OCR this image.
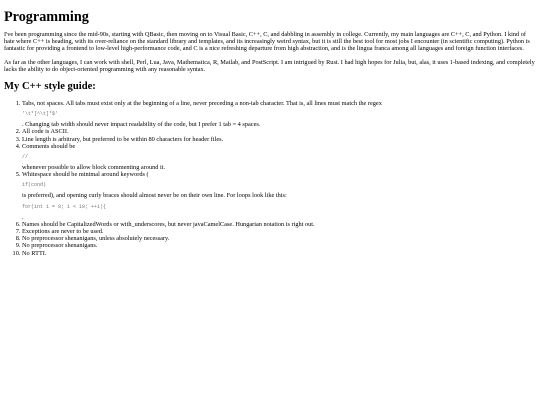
Programming

I've been programming since the mid-90s, starting with QBasic, then moving on to Visual Basic, C++, C, and dabbling in assembly in college. Currently, my main languages are C++, C, and Python. I kind of hate where C++ is heading, with its over-reliance on the standard library and templates, and its increasingly weird syntax, but it is still the best tool for most jobs I encounter (in scientific computing). Python is fantastic for providing a frontend to low-level high-performance code, and C is a nice refreshing departure from high abstraction, and is the lingua franca among all languages and foreign function interfaces.

As far as the other languages, I can work with shell, Perl, Lua, Java, Mathematica, R, Matlab, and PostScript. I am intrigued by Rust. I had high hopes for Julia, but, alas, it uses 1-based indexing, and completely lacks the ability to do object-oriented programming with any reasonable syntax.

My C++ style guide:
1. Tabs, not spaces. All tabs must exist only at the beginning of a line, never preceding a non-tab character. That is, all lines must match the regex
'\t*[^\t]*$'
. Changing tab width should never impact readability of the code, but I prefer 1 tab = 4 spaces.
2. All code is ASCII.
3. Line length is arbitrary, but preferred to be within 80 characters for header files.
4. Comments should be
//
whenever possible to allow block commenting around it.
5. Whitespace should be minimal around keywords (
if(cond)
is preferred), and opening curly braces should almost never be on their own line. For loops look like this:
for(int i = 0; i < 10; ++i){
.
6. Names should be CapitalizedWords or with_underscores, but never javaCamelCase. Hungarian notation is right out.
7. Exceptions are never to be used.
8. No preprocessor shenanigans, unless absolutely necessary.
9. No preprocessor shenanigans.
10. No RTTI.
